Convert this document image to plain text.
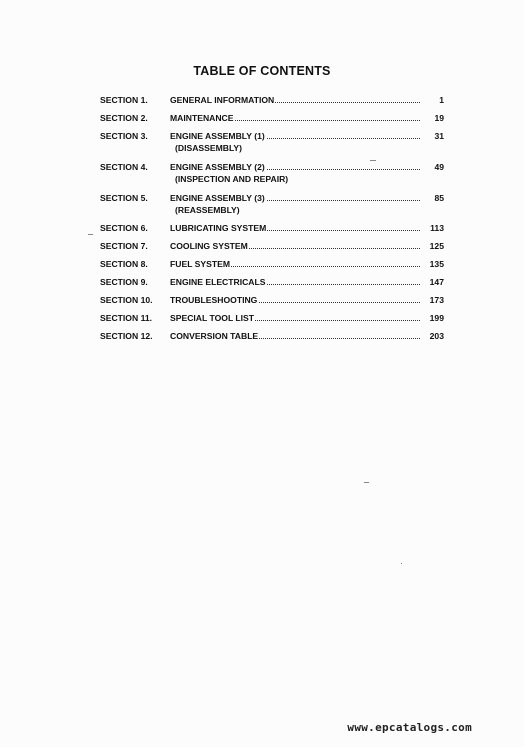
TABLE OF CONTENTS
SECTION 1.	GENERAL INFORMATION	1
SECTION 2.	MAINTENANCE	19
SECTION 3.	ENGINE ASSEMBLY (1)	31
(DISASSEMBLY)
SECTION 4.	ENGINE ASSEMBLY (2)	49
(INSPECTION AND REPAIR)
SECTION 5.	ENGINE ASSEMBLY (3)	85
(REASSEMBLY)
SECTION 6.	LUBRICATING SYSTEM	113
SECTION 7.	COOLING SYSTEM	125
SECTION 8.	FUEL SYSTEM	135
SECTION 9.	ENGINE ELECTRICALS	147
SECTION 10. TROUBLESHOOTING	173
SECTION 11. SPECIAL TOOL LIST	199
SECTION 12. CONVERSION TABLE	203
www.epcatalogs.com
